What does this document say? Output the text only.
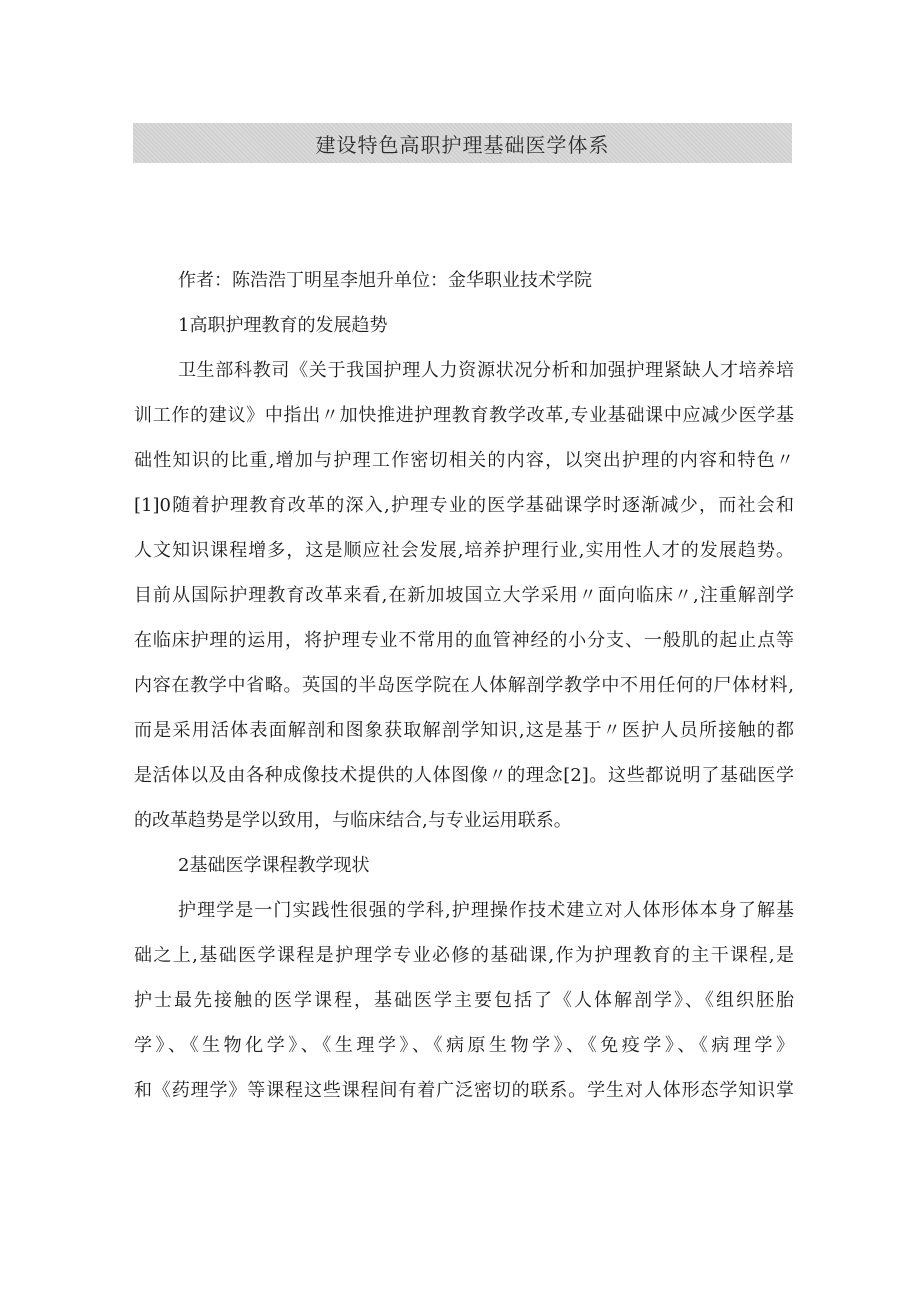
建设特色高职护理基础医学体系
作者：陈浩浩丁明星李旭升单位：金华职业技术学院
1高职护理教育的发展趋势
卫生部科教司《关于我国护理人力资源状况分析和加强护理紧缺人才培养培
训工作的建议》中指出〃加快推进护理教育教学改革,专业基础课中应减少医学基
础性知识的比重,增加与护理工作密切相关的内容，以突出护理的内容和特色〃
[1]0随着护理教育改革的深入,护理专业的医学基础课学时逐渐减少，而社会和
人文知识课程增多，这是顺应社会发展,培养护理行业,实用性人才的发展趋势。
目前从国际护理教育改革来看,在新加坡国立大学采用〃面向临床〃,注重解剖学
在临床护理的运用，将护理专业不常用的血管神经的小分支、一般肌的起止点等
内容在教学中省略。英国的半岛医学院在人体解剖学教学中不用任何的尸体材料,
而是采用活体表面解剖和图象获取解剖学知识,这是基于〃医护人员所接触的都
是活体以及由各种成像技术提供的人体图像〃的理念[2]。这些都说明了基础医学
的改革趋势是学以致用，与临床结合,与专业运用联系。
2基础医学课程教学现状
护理学是一门实践性很强的学科,护理操作技术建立对人体形体本身了解基
础之上,基础医学课程是护理学专业必修的基础课,作为护理教育的主干课程,是
护士最先接触的医学课程，基础医学主要包括了《人体解剖学》、《组织胚胎
学》、《生物化学》、《生理学》、《病原生物学》、《免疫学》、《病理学》
和《药理学》等课程这些课程间有着广泛密切的联系。学生对人体形态学知识掌
